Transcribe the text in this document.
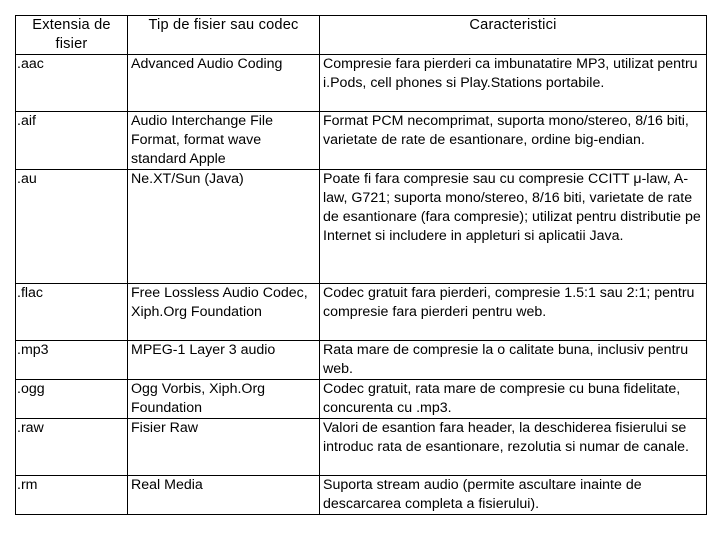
Extensia de fisier	Tip de fisier sau codec	Caracteristici
.aac	Advanced Audio Coding	Compresie fara pierderi ca imbunatatire MP3, utilizat pentru i.Pods, cell phones si Play.Stations portabile.
.aif	Audio Interchange File Format, format wave standard Apple	Format PCM necomprimat, suporta mono/stereo, 8/16 biti, varietate de rate de esantionare, ordine big-endian.
.au	Ne.XT/Sun (Java)	Poate fi fara compresie sau cu compresie CCITT μ-law, A-law, G721; suporta mono/stereo, 8/16 biti, varietate de rate de esantionare (fara compresie); utilizat pentru distributie pe Internet si includere in appleturi si aplicatii Java.
.flac	Free Lossless Audio Codec, Xiph.Org Foundation	Codec gratuit fara pierderi, compresie 1.5:1 sau 2:1; pentru compresie fara pierderi pentru web.
.mp3	MPEG-1 Layer 3 audio	Rata mare de compresie la o calitate buna, inclusiv pentru web.
.ogg	Ogg Vorbis, Xiph.Org Foundation	Codec gratuit, rata mare de compresie cu buna fidelitate, concurenta cu .mp3.
.raw	Fisier Raw	Valori de esantion fara header, la deschiderea fisierului se introduc rata de esantionare, rezolutia si numar de canale.
.rm	Real Media	Suporta stream audio (permite ascultare inainte de descarcarea completa a fisierului).
